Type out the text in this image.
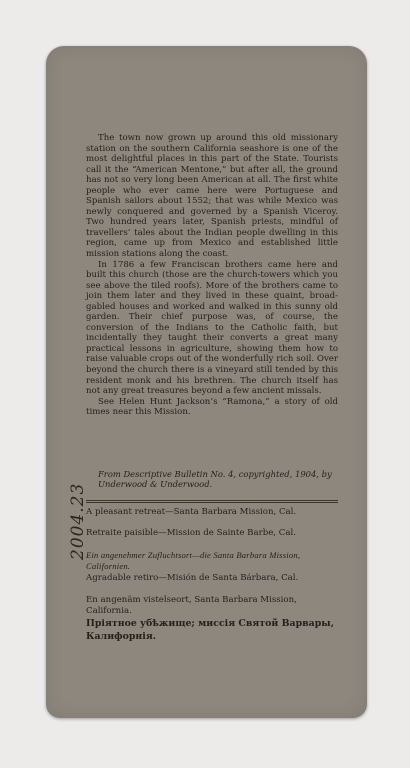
The town now grown up around this old missionary station on the southern California seashore is one of the most delightful places in this part of the State. Tourists call it the “American Mentone,” but after all, the ground has not so very long been American at all. The first white people who ever came here were Portuguese and Spanish sailors about 1552; that was while Mexico was newly conquered and governed by a Spanish Viceroy. Two hundred years later, Spanish priests, mindful of travellers’ tales about the Indian people dwelling in this region, came up from Mexico and established little mission stations along the coast.

In 1786 a few Franciscan brothers came here and built this church (those are the church-towers which you see above the tiled roofs). More of the brothers came to join them later and they lived in these quaint, broad-gabled houses and worked and walked in this sunny old garden. Their chief purpose was, of course, the conversion of the Indians to the Catholic faith, but incidentally they taught their converts a great many practical lessons in agriculture, showing them how to raise valuable crops out of the wonderfully rich soil. Over beyond the church there is a vineyard still tended by this resident monk and his brethren. The church itself has not any great treasures beyond a few ancient missals.

See Helen Hunt Jackson’s “Ramona,” a story of old times near this Mission.

From Descriptive Bulletin No. 4, copyrighted, 1904, by Underwood & Underwood.
A pleasant retreat—Santa Barbara Mission, Cal.
Retraite paisible—Mission de Sainte Barbe, Cal.
Ein angenehmer Zufluchtsort—die Santa Barbara Mission, Californien.
Agradable retiro—Misión de Santa Bárbara, Cal.
En angenäm vistelseort, Santa Barbara Mission, California.
Пріятное убѣжище; миссія Святой Варвары, Калифорнія.
2004.23
